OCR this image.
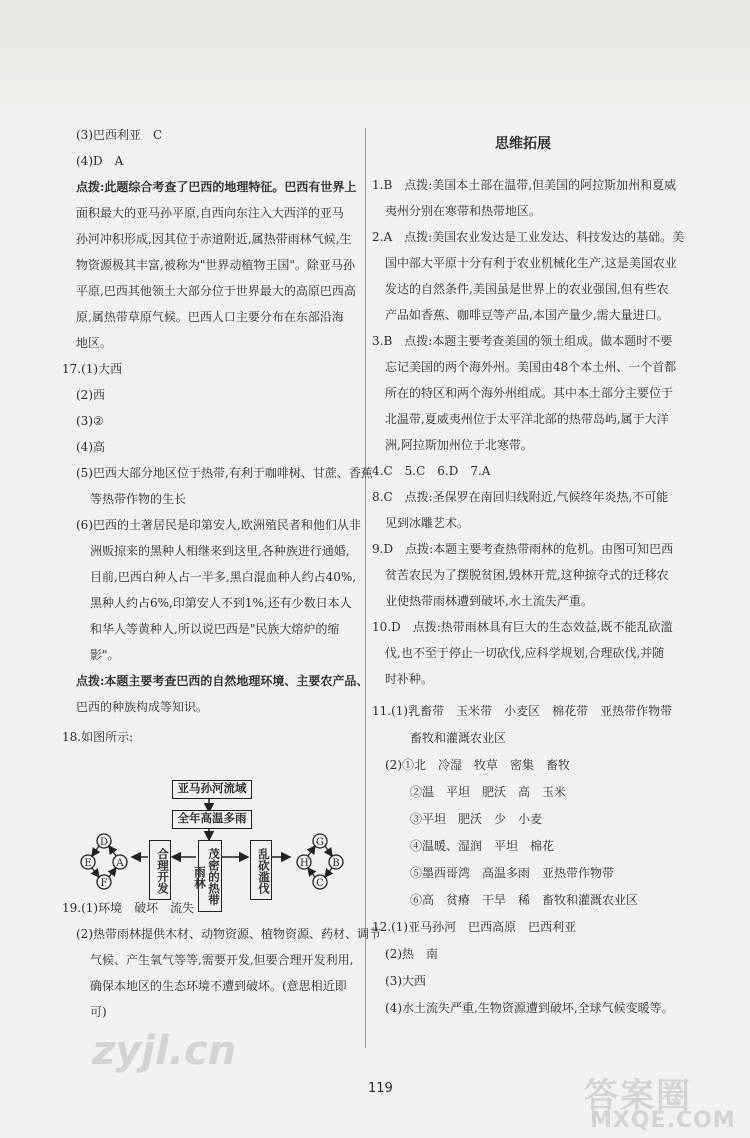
(3)巴西利亚　C
(4)D　A
点拨:此题综合考查了巴西的地理特征。巴西有世界上
面积最大的亚马孙平原,自西向东注入大西洋的亚马
孙河冲积形成,因其位于赤道附近,属热带雨林气候,生
物资源极其丰富,被称为"世界动植物王国"。除亚马孙
平原,巴西其他领土大部分位于世界最大的高原巴西高
原,属热带草原气候。巴西人口主要分布在东部沿海
地区。
17.(1)大西
(2)西
(3)②
(4)高
(5)巴西大部分地区位于热带,有利于咖啡树、甘蔗、香蕉
等热带作物的生长
(6)巴西的土著居民是印第安人,欧洲殖民者和他们从非
洲贩掠来的黑种人相继来到这里,各种族进行通婚,
目前,巴西白种人占一半多,黑白混血种人约占40%,
黑种人约占6%,印第安人不到1%,还有少数日本人
和华人等黄种人,所以说巴西是"民族大熔炉的缩
影"。
点拨:本题主要考查巴西的自然地理环境、主要农产品、
巴西的种族构成等知识。
18.如图所示:
D
E
F
A
G
H
C
B
亚马孙河流域
全年高温多雨
合理开发	茂密的热带雨林	乱砍滥伐
19.(1)环境　破坏　流失
(2)热带雨林提供木材、动物资源、植物资源、药材、调节
气候、产生氧气等等,需要开发,但要合理开发利用,
确保本地区的生态环境不遭到破坏。(意思相近即
可)
思维拓展
1.B　点拨:美国本土部在温带,但美国的阿拉斯加州和夏威
夷州分别在寒带和热带地区。
2.A　点拨:美国农业发达是工业发达、科技发达的基础。美
国中部大平原十分有利于农业机械化生产,这是美国农业
发达的自然条件,美国虽是世界上的农业强国,但有些农
产品如香蕉、咖啡豆等产品,本国产量少,需大量进口。
3.B　点拨:本题主要考查美国的领土组成。做本题时不要
忘记美国的两个海外州。美国由48个本土州、一个首都
所在的特区和两个海外州组成。其中本土部分主要位于
北温带,夏威夷州位于太平洋北部的热带岛屿,属于大洋
洲,阿拉斯加州位于北寒带。
4.C　5.C　6.D　7.A
8.C　点拨:圣保罗在南回归线附近,气候终年炎热,不可能
见到冰雕艺术。
9.D　点拨:本题主要考查热带雨林的危机。由图可知巴西
贫苦农民为了摆脱贫困,毁林开荒,这种掠夺式的迁移农
业使热带雨林遭到破坏,水土流失严重。
10.D　点拨:热带雨林具有巨大的生态效益,既不能乱砍滥
伐,也不至于停止一切砍伐,应科学规划,合理砍伐,并随
时补种。
11.(1)乳畜带　玉米带　小麦区　棉花带　亚热带作物带
畜牧和灌溉农业区
(2)①北　冷湿　牧草　密集　畜牧
②温　平坦　肥沃　高　玉米
③平坦　肥沃　少　小麦
④温暖、湿润　平坦　棉花
⑤墨西哥湾　高温多雨　亚热带作物带
⑥高　贫瘠　干旱　稀　畜牧和灌溉农业区
12.(1)亚马孙河　巴西高原　巴西利亚
(2)热　南
(3)大西
(4)水土流失严重,生物资源遭到破坏,全球气候变暖等。
119
zyjl.cn
答案圈
MXQE.COM
